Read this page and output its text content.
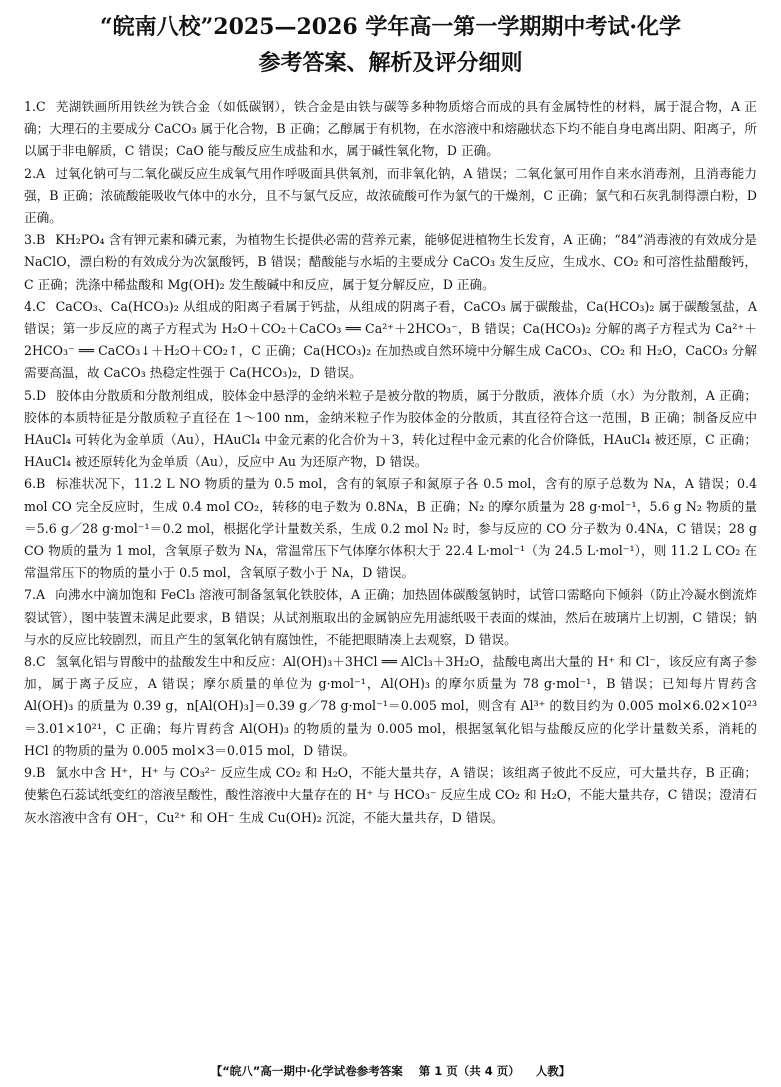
“皖南八校”2025—2026 学年高一第一学期期中考试·化学
参考答案、解析及评分细则

1.C 芜湖铁画所用铁丝为铁合金（如低碳钢），铁合金是由铁与碳等多种物质熔合而成的具有金属特性的材料，属于混合物，A 正确；大理石的主要成分 CaCO₃ 属于化合物，B 正确；乙醇属于有机物，在水溶液中和熔融状态下均不能自身电离出阴、阳离子，所以属于非电解质，C 错误；CaO 能与酸反应生成盐和水，属于碱性氧化物，D 正确。

2.A 过氧化钠可与二氧化碳反应生成氧气用作呼吸面具供氧剂，而非氧化钠，A 错误；二氧化氯可用作自来水消毒剂，且消毒能力强，B 正确；浓硫酸能吸收气体中的水分，且不与氯气反应，故浓硫酸可作为氯气的干燥剂，C 正确；氯气和石灰乳制得漂白粉，D 正确。

3.B KH₂PO₄ 含有钾元素和磷元素，为植物生长提供必需的营养元素，能够促进植物生长发育，A 正确；“84”消毒液的有效成分是 NaClO，漂白粉的有效成分为次氯酸钙，B 错误；醋酸能与水垢的主要成分 CaCO₃ 发生反应，生成水、CO₂ 和可溶性盐醋酸钙，C 正确；洗涤中稀盐酸和 Mg(OH)₂ 发生酸碱中和反应，属于复分解反应，D 正确。

4.C CaCO₃、Ca(HCO₃)₂ 从组成的阳离子看属于钙盐，从组成的阴离子看，CaCO₃ 属于碳酸盐，Ca(HCO₃)₂ 属于碳酸氢盐，A 错误；第一步反应的离子方程式为 H₂O＋CO₂＋CaCO₃ ══ Ca²⁺＋2HCO₃⁻，B 错误；Ca(HCO₃)₂ 分解的离子方程式为 Ca²⁺＋2HCO₃⁻ ══ CaCO₃↓＋H₂O＋CO₂↑，C 正确；Ca(HCO₃)₂ 在加热或自然环境中分解生成 CaCO₃、CO₂ 和 H₂O，CaCO₃ 分解需要高温，故 CaCO₃ 热稳定性强于 Ca(HCO₃)₂，D 错误。

5.D 胶体由分散质和分散剂组成，胶体金中悬浮的金纳米粒子是被分散的物质，属于分散质，液体介质（水）为分散剂，A 正确；胶体的本质特征是分散质粒子直径在 1～100 nm，金纳米粒子作为胶体金的分散质，其直径符合这一范围，B 正确；制备反应中 HAuCl₄ 可转化为金单质（Au），HAuCl₄ 中金元素的化合价为＋3，转化过程中金元素的化合价降低，HAuCl₄ 被还原，C 正确；HAuCl₄ 被还原转化为金单质（Au），反应中 Au 为还原产物，D 错误。

6.B 标准状况下，11.2 L NO 物质的量为 0.5 mol，含有的氧原子和氮原子各 0.5 mol，含有的原子总数为 Nᴀ，A 错误；0.4 mol CO 完全反应时，生成 0.4 mol CO₂，转移的电子数为 0.8Nᴀ，B 正确；N₂ 的摩尔质量为 28 g·mol⁻¹，5.6 g N₂ 物质的量＝5.6 g／28 g·mol⁻¹＝0.2 mol，根据化学计量数关系，生成 0.2 mol N₂ 时，参与反应的 CO 分子数为 0.4Nᴀ，C 错误；28 g CO 物质的量为 1 mol，含氧原子数为 Nᴀ，常温常压下气体摩尔体积大于 22.4 L·mol⁻¹（为 24.5 L·mol⁻¹），则 11.2 L CO₂ 在常温常压下的物质的量小于 0.5 mol，含氧原子数小于 Nᴀ，D 错误。

7.A 向沸水中滴加饱和 FeCl₃ 溶液可制备氢氧化铁胶体，A 正确；加热固体碳酸氢钠时，试管口需略向下倾斜（防止冷凝水倒流炸裂试管），图中装置未满足此要求，B 错误；从试剂瓶取出的金属钠应先用滤纸吸干表面的煤油，然后在玻璃片上切割，C 错误；钠与水的反应比较剧烈，而且产生的氢氧化钠有腐蚀性，不能把眼睛凑上去观察，D 错误。

8.C 氢氧化铝与胃酸中的盐酸发生中和反应：Al(OH)₃＋3HCl ══ AlCl₃＋3H₂O，盐酸电离出大量的 H⁺ 和 Cl⁻，该反应有离子参加，属于离子反应，A 错误；摩尔质量的单位为 g·mol⁻¹，Al(OH)₃ 的摩尔质量为 78 g·mol⁻¹，B 错误；已知每片胃药含 Al(OH)₃ 的质量为 0.39 g，n[Al(OH)₃]＝0.39 g／78 g·mol⁻¹＝0.005 mol，则含有 Al³⁺ 的数目约为 0.005 mol×6.02×10²³＝3.01×10²¹，C 正确；每片胃药含 Al(OH)₃ 的物质的量为 0.005 mol，根据氢氧化铝与盐酸反应的化学计量数关系，消耗的 HCl 的物质的量为 0.005 mol×3＝0.015 mol，D 错误。

9.B 氯水中含 H⁺，H⁺ 与 CO₃²⁻ 反应生成 CO₂ 和 H₂O，不能大量共存，A 错误；该组离子彼此不反应，可大量共存，B 正确；使紫色石蕊试纸变红的溶液呈酸性，酸性溶液中大量存在的 H⁺ 与 HCO₃⁻ 反应生成 CO₂ 和 H₂O，不能大量共存，C 错误；澄清石灰水溶液中含有 OH⁻，Cu²⁺ 和 OH⁻ 生成 Cu(OH)₂ 沉淀，不能大量共存，D 错误。

【“皖八”高一期中·化学试卷参考答案 第 1 页（共 4 页） 人教】
